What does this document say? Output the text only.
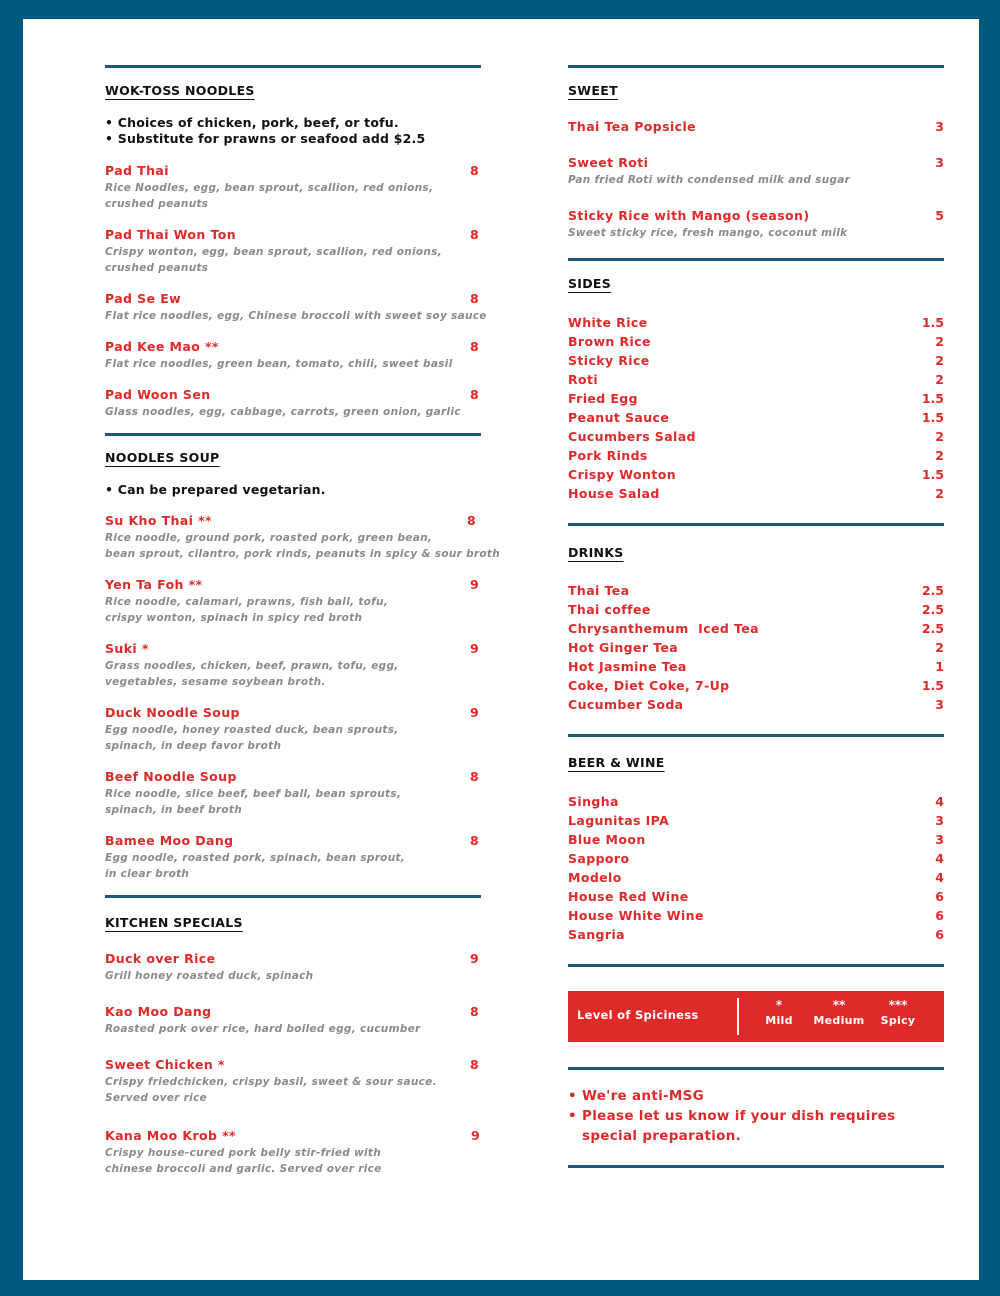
WOK-TOSS NOODLES
• Choices of chicken, pork, beef, or tofu.
• Substitute for prawns or seafood add $2.5
Pad Thai	8
Rice Noodles, egg, bean sprout, scallion, red onions,
crushed peanuts
Pad Thai Won Ton	8
Crispy wonton, egg, bean sprout, scallion, red onions,
crushed peanuts
Pad Se Ew	8
Flat rice noodles, egg, Chinese broccoli with sweet soy sauce
Pad Kee Mao **	8
Flat rice noodles, green bean, tomato, chili, sweet basil
Pad Woon Sen	8
Glass noodles, egg, cabbage, carrots, green onion, garlic
NOODLES SOUP
• Can be prepared vegetarian.
Su Kho Thai **	8
Rice noodle, ground pork, roasted pork, green bean,
bean sprout, cilantro, pork rinds, peanuts in spicy & sour broth
Yen Ta Foh **	9
Rice noodle, calamari, prawns, fish ball, tofu,
crispy wonton, spinach in spicy red broth
Suki *	9
Grass noodles, chicken, beef, prawn, tofu, egg,
vegetables, sesame soybean broth.
Duck Noodle Soup	9
Egg noodle, honey roasted duck, bean sprouts,
spinach, in deep favor broth
Beef Noodle Soup	8
Rice noodle, slice beef, beef ball, bean sprouts,
spinach, in beef broth
Bamee Moo Dang	8
Egg noodle, roasted pork, spinach, bean sprout,
in clear broth
KITCHEN SPECIALS
Duck over Rice	9
Grill honey roasted duck, spinach
Kao Moo Dang	8
Roasted pork over rice, hard boiled egg, cucumber
Sweet Chicken *	8
Crispy friedchicken, crispy basil, sweet & sour sauce.
Served over rice
Kana Moo Krob **	9
Crispy house-cured pork belly stir-fried with
chinese broccoli and garlic. Served over rice
SWEET
Thai Tea Popsicle	3
Sweet Roti	3
Pan fried Roti with condensed milk and sugar
Sticky Rice with Mango (season)	5
Sweet sticky rice, fresh mango, coconut milk
SIDES
White Rice	1.5
Brown Rice	2
Sticky Rice	2
Roti	2
Fried Egg	1.5
Peanut Sauce	1.5
Cucumbers Salad	2
Pork Rinds	2
Crispy Wonton	1.5
House Salad	2
DRINKS
Thai Tea	2.5
Thai coffee	2.5
Chrysanthemum  Iced Tea	2.5
Hot Ginger Tea	2
Hot Jasmine Tea	1
Coke, Diet Coke, 7-Up	1.5
Cucumber Soda	3
BEER & WINE
Singha	4
Lagunitas IPA	3
Blue Moon	3
Sapporo	4
Modelo	4
House Red Wine	6
House White Wine	6
Sangria	6
Level of Spiciness
*
Mild
**
Medium
***
Spicy
• We're anti-MSG
• Please let us know if your dish requires
special preparation.
